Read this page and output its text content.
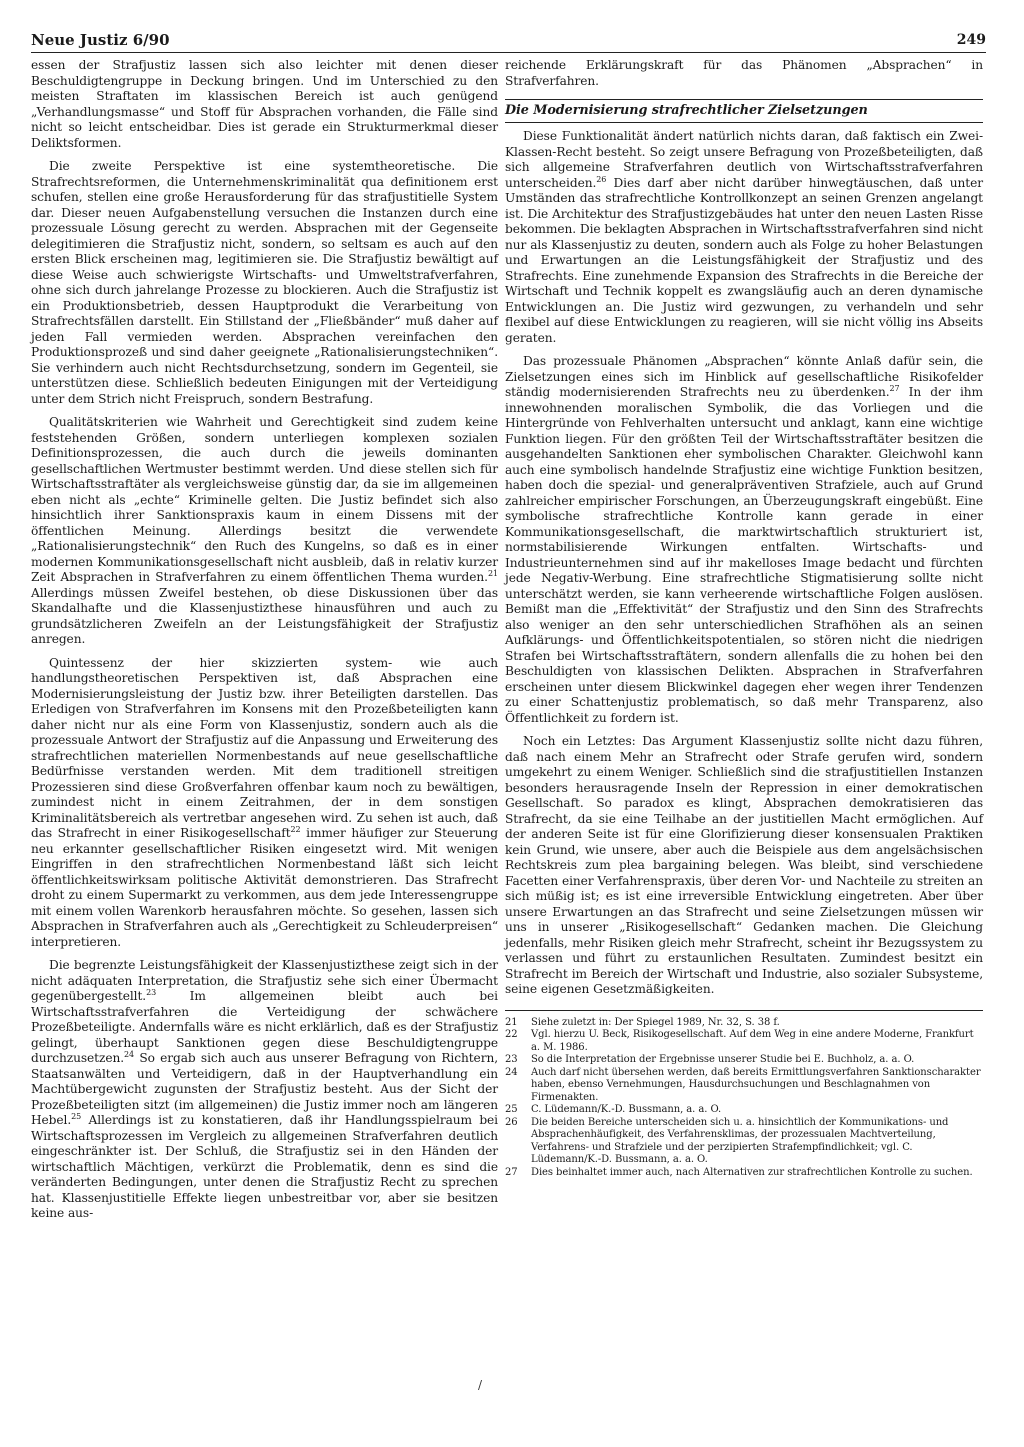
Neue Justiz 6/90	249

essen der Strafjustiz lassen sich also leichter mit denen dieser Beschuldigtengruppe in Deckung bringen. Und im Unterschied zu den meisten Straftaten im klassischen Bereich ist auch genügend „Verhandlungsmasse“ und Stoff für Absprachen vorhanden, die Fälle sind nicht so leicht entscheidbar. Dies ist gerade ein Strukturmerkmal dieser Deliktsformen.

Die zweite Perspektive ist eine systemtheoretische. Die Strafrechtsreformen, die Unternehmenskriminalität qua definitionem erst schufen, stellen eine große Herausforderung für das strafjustitielle System dar. Dieser neuen Aufgabenstellung versuchen die Instanzen durch eine prozessuale Lösung gerecht zu werden. Absprachen mit der Gegenseite delegitimieren die Strafjustiz nicht, sondern, so seltsam es auch auf den ersten Blick erscheinen mag, legitimieren sie. Die Strafjustiz bewältigt auf diese Weise auch schwierigste Wirtschafts- und Umweltstrafverfahren, ohne sich durch jahrelange Prozesse zu blockieren. Auch die Strafjustiz ist ein Produktionsbetrieb, dessen Hauptprodukt die Verarbeitung von Strafrechtsfällen darstellt. Ein Stillstand der „Fließbänder“ muß daher auf jeden Fall vermieden werden. Absprachen vereinfachen den Produktionsprozeß und sind daher geeignete „Rationalisierungstechniken“. Sie verhindern auch nicht Rechtsdurchsetzung, sondern im Gegenteil, sie unterstützen diese. Schließlich bedeuten Einigungen mit der Verteidigung unter dem Strich nicht Freispruch, sondern Bestrafung.

Qualitätskriterien wie Wahrheit und Gerechtigkeit sind zudem keine feststehenden Größen, sondern unterliegen komplexen sozialen Definitionsprozessen, die auch durch die jeweils dominanten gesellschaftlichen Wertmuster bestimmt werden. Und diese stellen sich für Wirtschaftsstraftäter als vergleichsweise günstig dar, da sie im allgemeinen eben nicht als „echte“ Kriminelle gelten. Die Justiz befindet sich also hinsichtlich ihrer Sanktionspraxis kaum in einem Dissens mit der öffentlichen Meinung. Allerdings besitzt die verwendete „Rationalisierungstechnik“ den Ruch des Kungelns, so daß es in einer modernen Kommunikationsgesellschaft nicht ausbleib, daß in relativ kurzer Zeit Absprachen in Strafverfahren zu einem öffentlichen Thema wurden.$^{21}$ Allerdings müssen Zweifel bestehen, ob diese Diskussionen über das Skandalhafte und die Klassenjustizthese hinausführen und auch zu grundsätzlicheren Zweifeln an der Leistungsfähigkeit der Strafjustiz anregen.

Quintessenz der hier skizzierten system- wie auch handlungstheoretischen Perspektiven ist, daß Absprachen eine Modernisierungsleistung der Justiz bzw. ihrer Beteiligten darstellen. Das Erledigen von Strafverfahren im Konsens mit den Prozeßbeteiligten kann daher nicht nur als eine Form von Klassenjustiz, sondern auch als die prozessuale Antwort der Strafjustiz auf die Anpassung und Erweiterung des strafrechtlichen materiellen Normenbestands auf neue gesellschaftliche Bedürfnisse verstanden werden. Mit dem traditionell streitigen Prozessieren sind diese Großverfahren offenbar kaum noch zu bewältigen, zumindest nicht in einem Zeitrahmen, der in dem sonstigen Kriminalitätsbereich als vertretbar angesehen wird. Zu sehen ist auch, daß das Strafrecht in einer Risikogesellschaft$^{22}$ immer häufiger zur Steuerung neu erkannter gesellschaftlicher Risiken eingesetzt wird. Mit wenigen Eingriffen in den strafrechtlichen Normenbestand läßt sich leicht öffentlichkeitswirksam politische Aktivität demonstrieren. Das Strafrecht droht zu einem Supermarkt zu verkommen, aus dem jede Interessengruppe mit einem vollen Warenkorb herausfahren möchte. So gesehen, lassen sich Absprachen in Strafverfahren auch als „Gerechtigkeit zu Schleuderpreisen“ interpretieren.

Die begrenzte Leistungsfähigkeit der Klassenjustizthese zeigt sich in der nicht adäquaten Interpretation, die Strafjustiz sehe sich einer Übermacht gegenübergestellt.$^{23}$	Im allgemeinen bleibt auch bei Wirtschaftsstrafverfahren die Verteidigung der schwächere Prozeßbeteiligte. Andernfalls wäre es nicht erklärlich, daß es der Strafjustiz gelingt, überhaupt Sanktionen gegen diese Beschuldigtengruppe durchzusetzen.$^{24}$ So ergab sich auch aus unserer Befragung von Richtern, Staatsanwälten und Verteidigern, daß in der Hauptverhandlung ein Machtübergewicht zugunsten der Strafjustiz besteht. Aus der Sicht der Prozeßbeteiligten sitzt (im allgemeinen) die Justiz immer noch am längeren Hebel.$^{25}$ Allerdings ist zu konstatieren, daß ihr Handlungsspielraum bei Wirtschaftsprozessen im Vergleich zu allgemeinen Strafverfahren deutlich eingeschränkter ist. Der Schluß, die Strafjustiz sei in den Händen der wirtschaftlich Mächtigen, verkürzt die Problematik, denn es sind die veränderten Bedingungen, unter denen die Strafjustiz Recht zu sprechen hat. Klassenjustitielle Effekte liegen unbestreitbar vor, aber sie besitzen keine aus-

reichende Erklärungskraft für das Phänomen „Absprachen“ in Strafverfahren.

Die Modernisierung strafrechtlicher Zielsetzungen

Diese Funktionalität ändert natürlich nichts daran, daß faktisch ein Zwei-Klassen-Recht besteht. So zeigt unsere Befragung von Prozeßbeteiligten, daß sich allgemeine Strafverfahren deutlich von Wirtschaftsstrafverfahren unterscheiden.$^{26}$ Dies darf aber nicht darüber hinwegtäuschen, daß unter Umständen das strafrechtliche Kontrollkonzept an seinen Grenzen angelangt ist. Die Architektur des Strafjustizgebäudes hat unter den neuen Lasten Risse bekommen. Die beklagten Absprachen in Wirtschaftsstrafverfahren sind nicht nur als Klassenjustiz zu deuten, sondern auch als Folge zu hoher Belastungen und Erwartungen an die Leistungsfähigkeit der Strafjustiz und des Strafrechts. Eine zunehmende Expansion des Strafrechts in die Bereiche der Wirtschaft und Technik koppelt es zwangsläufig auch an deren dynamische Entwicklungen an. Die Justiz wird gezwungen, zu verhandeln und sehr flexibel auf diese Entwicklungen zu reagieren, will sie nicht völlig ins Abseits geraten.

Das prozessuale Phänomen „Absprachen“ könnte Anlaß dafür sein, die Zielsetzungen eines sich im Hinblick auf gesellschaftliche Risikofelder ständig modernisierenden Strafrechts neu zu überdenken.$^{27}$ In der ihm innewohnenden moralischen Symbolik, die das Vorliegen und die Hintergründe von Fehlverhalten untersucht und anklagt, kann eine wichtige Funktion liegen. Für den größten Teil der Wirtschaftsstraftäter besitzen die ausgehandelten Sanktionen eher symbolischen Charakter. Gleichwohl kann auch eine symbolisch handelnde Strafjustiz eine wichtige Funktion besitzen, haben doch die spezial- und generalpräventiven Strafziele, auch auf Grund zahlreicher empirischer Forschungen, an Überzeugungskraft eingebüßt. Eine symbolische strafrechtliche Kontrolle kann gerade in einer Kommunikationsgesellschaft, die marktwirtschaftlich strukturiert ist, normstabilisierende Wirkungen entfalten. Wirtschafts- und Industrieunternehmen sind auf ihr makelloses Image bedacht und fürchten jede Negativ-Werbung. Eine strafrechtliche Stigmatisierung sollte nicht unterschätzt werden, sie kann verheerende wirtschaftliche Folgen auslösen. Bemißt man die „Effektivität“ der Strafjustiz und den Sinn des Strafrechts also weniger an den sehr unterschiedlichen Strafhöhen als an seinen Aufklärungs- und Öffentlichkeitspotentialen, so stören nicht die niedrigen Strafen bei Wirtschaftsstraftätern, sondern allenfalls die zu hohen bei den Beschuldigten von klassischen Delikten. Absprachen in Strafverfahren erscheinen unter diesem Blickwinkel dagegen eher wegen ihrer Tendenzen zu einer Schattenjustiz problematisch, so daß mehr Transparenz, also Öffentlichkeit zu fordern ist.

Noch ein Letztes: Das Argument Klassenjustiz sollte nicht dazu führen, daß nach einem Mehr an Strafrecht oder Strafe gerufen wird, sondern umgekehrt zu einem Weniger. Schließlich sind die strafjustitiellen Instanzen besonders herausragende Inseln der Repression in einer demokratischen Gesellschaft. So paradox es klingt, Absprachen demokratisieren das Strafrecht, da sie eine Teilhabe an der justitiellen Macht ermöglichen. Auf der anderen Seite ist für eine Glorifizierung dieser konsensualen Praktiken kein Grund, wie unsere, aber auch die Beispiele aus dem angelsächsischen Rechtskreis zum plea bargaining belegen. Was bleibt, sind verschiedene Facetten einer Verfahrenspraxis, über deren Vor- und Nachteile zu streiten an sich müßig ist; es ist eine irreversible Entwicklung eingetreten. Aber über unsere Erwartungen an das Strafrecht und seine Zielsetzungen müssen wir uns in unserer „Risikogesellschaft“ Gedanken machen. Die Gleichung jedenfalls, mehr Risiken gleich mehr Strafrecht, scheint ihr Bezugssystem zu verlassen und führt zu erstaunlichen Resultaten. Zumindest besitzt ein Strafrecht im Bereich der Wirtschaft und Industrie, also sozialer Subsysteme, seine eigenen Gesetzmäßigkeiten.

21	Siehe zuletzt in: Der Spiegel 1989, Nr. 32, S. 38 f.
22	Vgl. hierzu U. Beck, Risikogesellschaft. Auf dem Weg in eine andere Moderne, Frankfurt a. M. 1986.
23	So die Interpretation der Ergebnisse unserer Studie bei E. Buchholz, a. a. O.
24	Auch darf nicht übersehen werden, daß bereits Ermittlungsverfahren Sanktionscharakter haben, ebenso Vernehmungen, Hausdurchsuchungen und Beschlagnahmen von Firmenakten.
25	C. Lüdemann/K.-D. Bussmann, a. a. O.
26	Die beiden Bereiche unterscheiden sich u. a. hinsichtlich der Kommunikations- und Absprachenhäufigkeit, des Verfahrensklimas, der prozessualen Machtverteilung, Verfahrens- und Strafziele und der perzipierten Strafempfindlichkeit; vgl. C. Lüdemann/K.-D. Bussmann, a. a. O.
27	Dies beinhaltet immer auch, nach Alternativen zur strafrechtlichen Kontrolle zu suchen.
/
